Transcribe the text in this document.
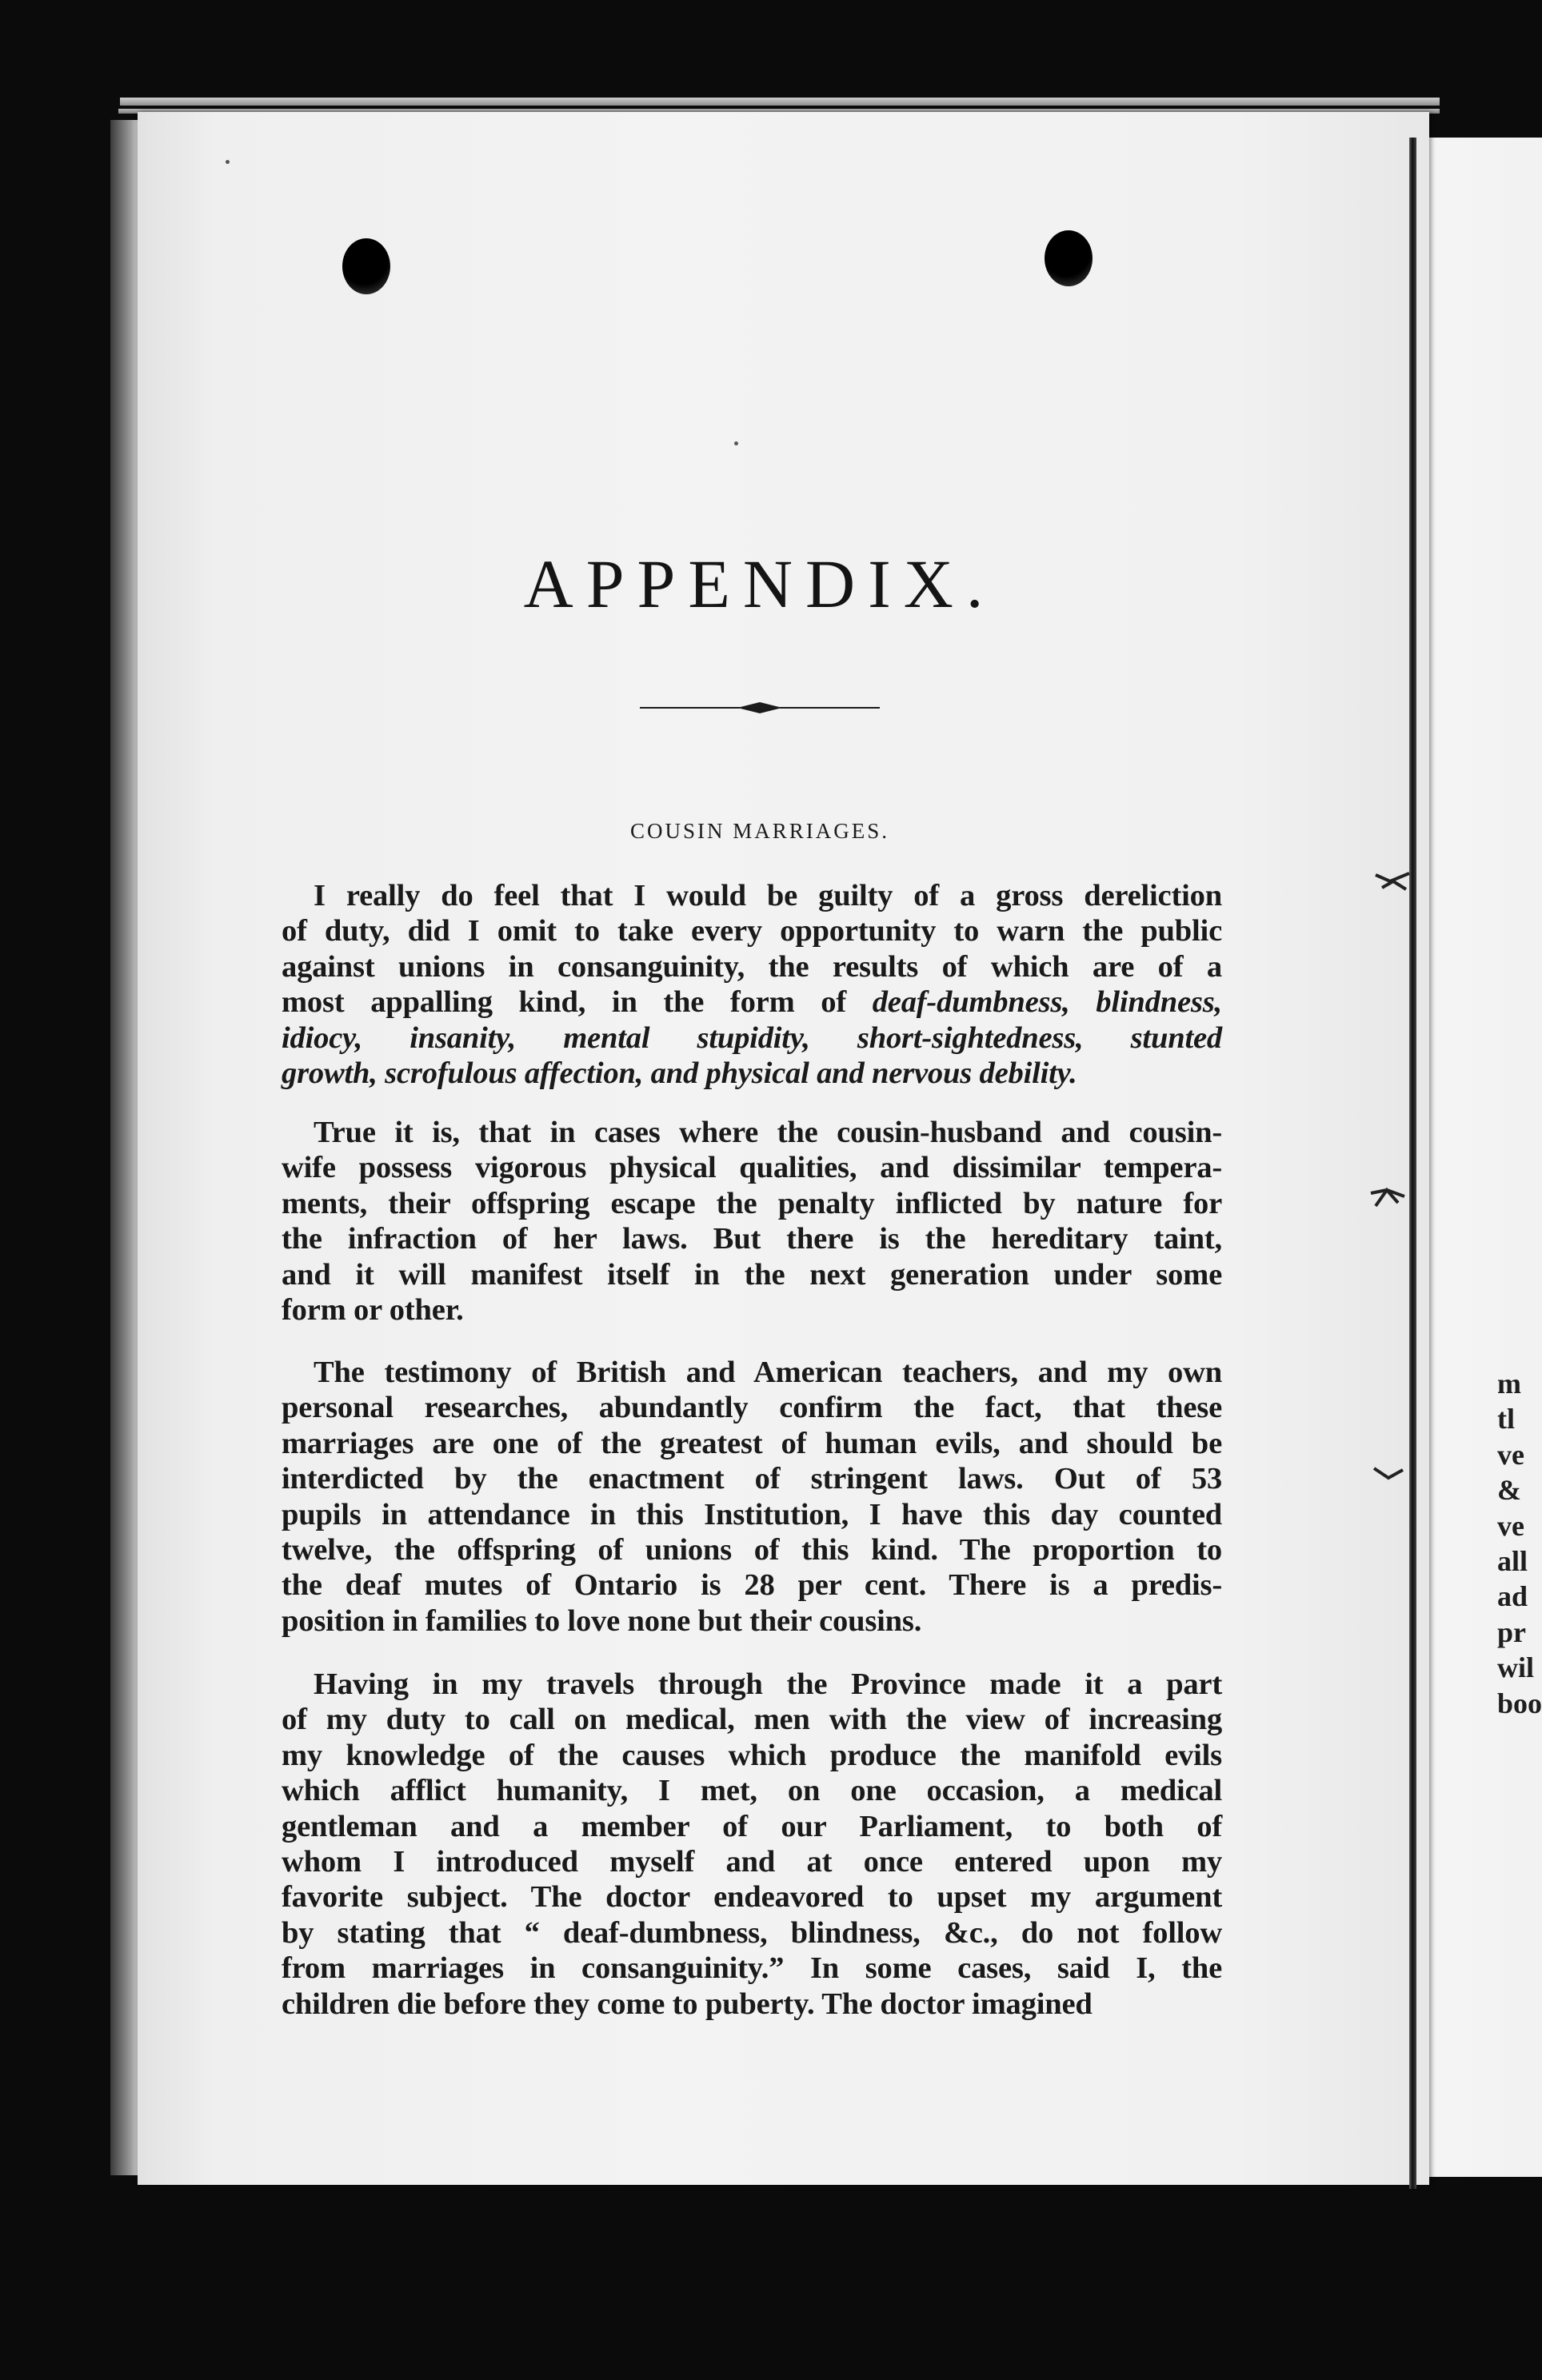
APPENDIX.
COUSIN MARRIAGES.
I really do feel that I would be guilty of a gross dereliction
of duty, did I omit to take every opportunity to warn the public
against unions in consanguinity, the results of which are of a
most appalling kind, in the form of deaf-dumbness, blindness,
idiocy, insanity, mental stupidity, short-sightedness, stunted
growth, scrofulous affection, and physical and nervous debility.
True it is, that in cases where the cousin-husband and cousin-
wife possess vigorous physical qualities, and dissimilar tempera-
ments, their offspring escape the penalty inflicted by nature for
the infraction of her laws. But there is the hereditary taint,
and it will manifest itself in the next generation under some
form or other.
The testimony of British and American teachers, and my own
personal researches, abundantly confirm the fact, that these
marriages are one of the greatest of human evils, and should be
interdicted by the enactment of stringent laws. Out of 53
pupils in attendance in this Institution, I have this day counted
twelve, the offspring of unions of this kind. The proportion to
the deaf mutes of Ontario is 28 per cent. There is a predis-
position in families to love none but their cousins.
Having in my travels through the Province made it a part
of my duty to call on medical, men with the view of increasing
my knowledge of the causes which produce the manifold evils
which afflict humanity, I met, on one occasion, a medical
gentleman and a member of our Parliament, to both of
whom I introduced myself and at once entered upon my
favorite subject. The doctor endeavored to upset my argument
by stating that “ deaf-dumbness, blindness, &c., do not follow
from marriages in consanguinity.” In some cases, said I, the
children die before they come to puberty. The doctor imagined
m
tl
ve
&
ve
all
ad
pr
wil
boo
